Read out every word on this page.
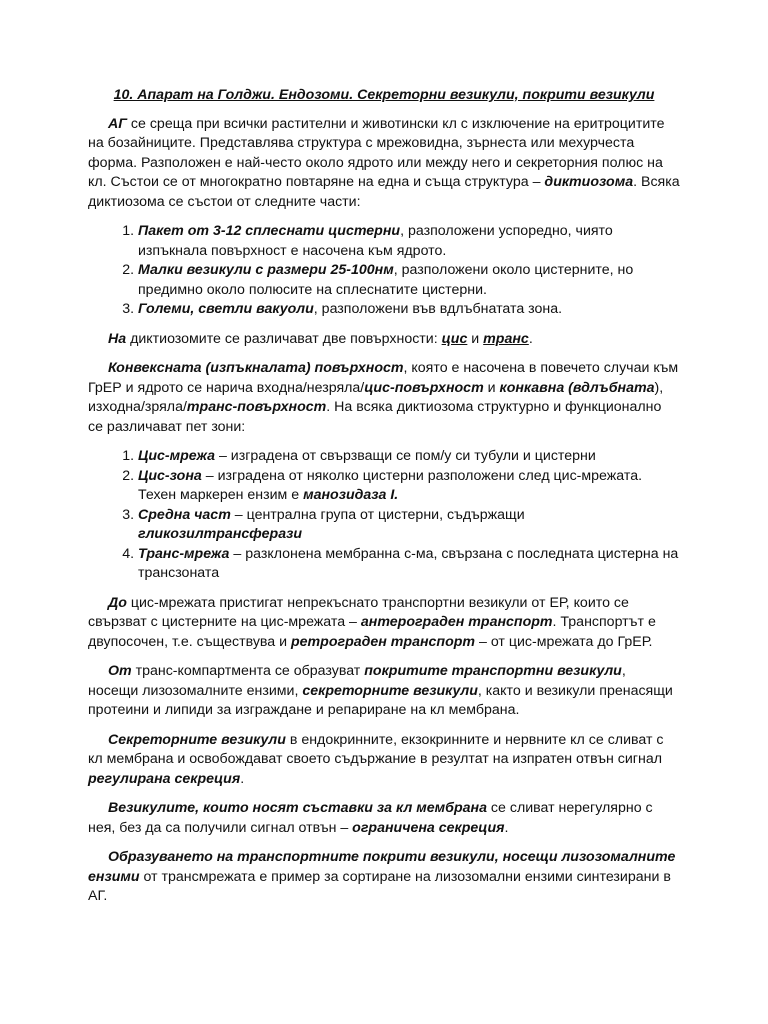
10. Апарат на Голджи. Ендозоми. Секреторни везикули, покрити везикули

АГ се среща при всички растителни и животински кл с изключение на еритроцитите на бозайниците. Представлява структура с мрежовидна, зърнеста или мехурчеста форма. Разположен е най-често около ядрото или между него и секреторния полюс на кл. Състои се от многократно повтаряне на една и съща структура – диктиозома. Всяка диктиозома се състои от следните части:

1. Пакет от 3-12 сплеснати цистерни, разположени успоредно, чиято изпъкнала повърхност е насочена към ядрото.
2. Малки везикули с размери 25-100нм, разположени около цистерните, но предимно около полюсите на сплеснатите цистерни.
3. Големи, светли вакуоли, разположени във вдлъбнатата зона.

На диктиозомите се различават две повърхности: цис и транс.

Конвексната (изпъкналата) повърхност, която е насочена в повечето случаи към ГрЕР и ядрото се нарича входна/незряла/цис-повърхност и конкавна (вдлъбната), изходна/зряла/транс-повърхност. На всяка диктиозома структурно и функционално се различават пет зони:

1. Цис-мрежа – изградена от свързващи се пом/у си тубули и цистерни
2. Цис-зона – изградена от няколко цистерни разположени след цис-мрежата. Техен маркерен ензим е манозидаза I.
3. Средна част – централна група от цистерни, съдържащи гликозилтрансферази
4. Транс-мрежа – разклонена мембранна с-ма, свързана с последната цистерна на трансзоната

До цис-мрежата пристигат непрекъснато транспортни везикули от ЕР, които се свързват с цистерните на цис-мрежата – антерограден транспорт. Транспортът е двупосочен, т.е. съществува и ретрограден транспорт – от цис-мрежата до ГрЕР.

От транс-компартмента се образуват покритите транспортни везикули, носещи лизозомалните ензими, секреторните везикули, както и везикули пренасящи протеини и липиди за изграждане и репариране на кл мембрана.

Секреторните везикули в ендокринните, екзокринните и нервните кл се сливат с кл мембрана и освобождават своето съдържание в резултат на изпратен отвън сигнал регулирана секреция.

Везикулите, които носят съставки за кл мембрана се сливат нерегулярно с нея, без да са получили сигнал отвън – ограничена секреция.

Образуването на транспортните покрити везикули, носещи лизозомалните ензими от трансмрежата е пример за сортиране на лизозомални ензими синтезирани в АГ.
